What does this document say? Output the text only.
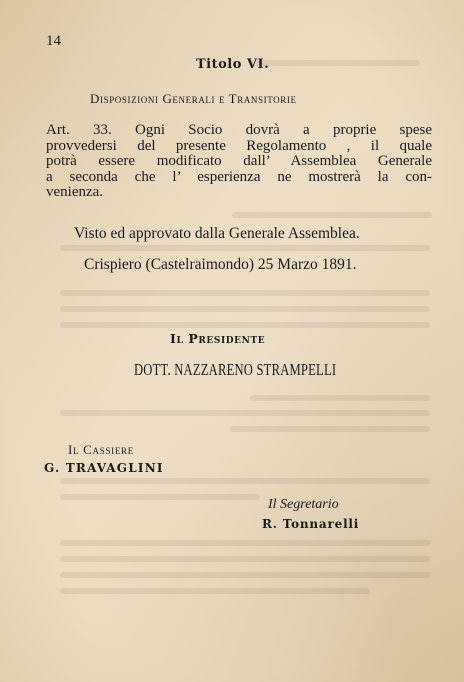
14

Titolo VI.

Disposizioni Generali e Transitorie

Art. 33. Ogni Socio dovrà a proprie spese
provvedersi del presente Regolamento , il quale
potrà essere modificato dall’ Assemblea Generale
a seconda che l’ esperienza ne mostrerà la con-
venienza.

Visto ed approvato dalla Generale Assemblea.

Crispiero (Castelraimondo) 25 Marzo 1891.

Il Presidente

DOTT. NAZZARENO STRAMPELLI

Il Cassiere

G. TRAVAGLINI

Il Segretario

R. Tonnarelli
